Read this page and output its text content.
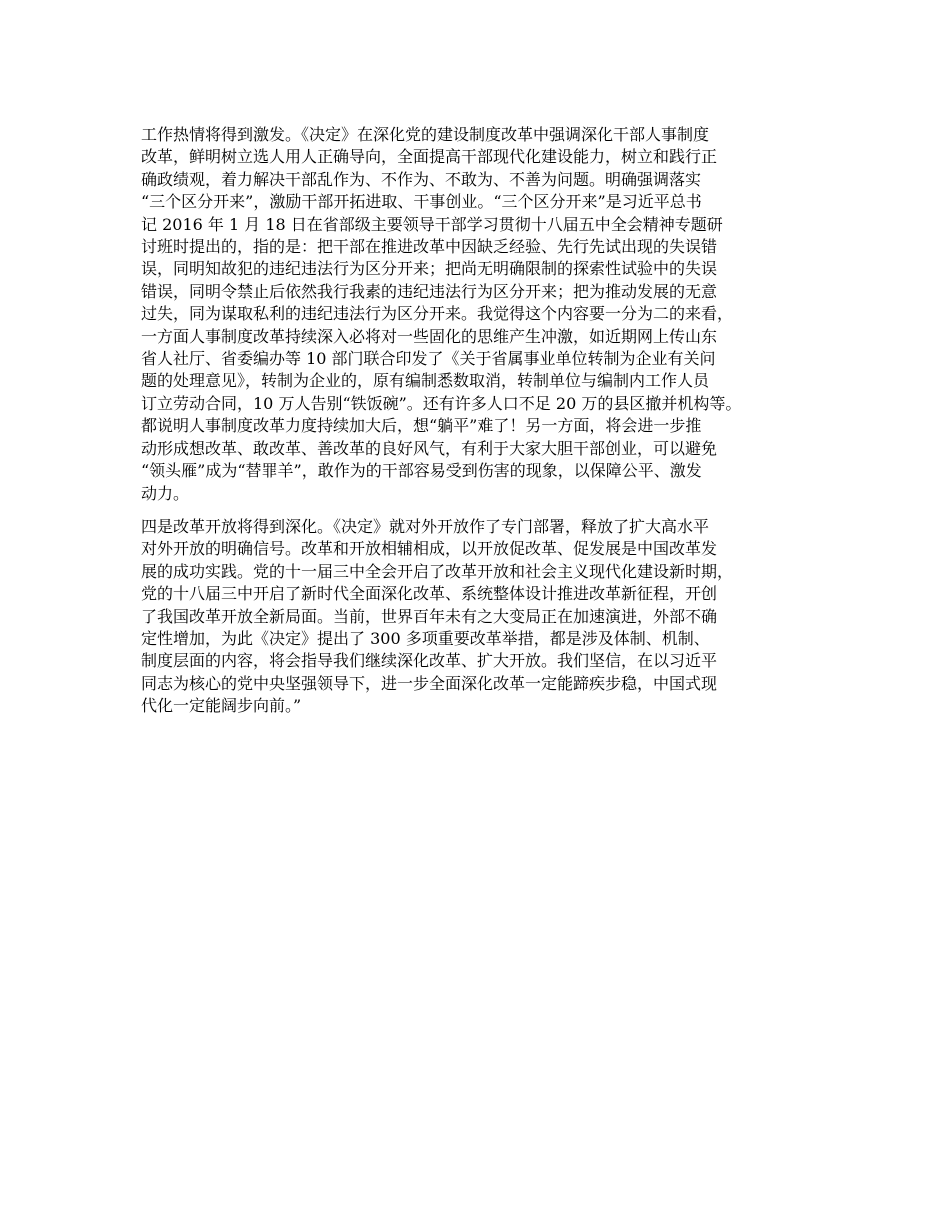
工作热情将得到激发。《决定》在深化党的建设制度改革中强调深化干部人事制度
改革，鲜明树立选人用人正确导向，全面提高干部现代化建设能力，树立和践行正
确政绩观，着力解决干部乱作为、不作为、不敢为、不善为问题。明确强调落实
“三个区分开来”，激励干部开拓进取、干事创业。“三个区分开来”是习近平总书
记 2016 年 1 月 18 日在省部级主要领导干部学习贯彻十八届五中全会精神专题研
讨班时提出的，指的是：把干部在推进改革中因缺乏经验、先行先试出现的失误错
误，同明知故犯的违纪违法行为区分开来；把尚无明确限制的探索性试验中的失误
错误，同明令禁止后依然我行我素的违纪违法行为区分开来；把为推动发展的无意
过失，同为谋取私利的违纪违法行为区分开来。我觉得这个内容要一分为二的来看，
一方面人事制度改革持续深入必将对一些固化的思维产生冲激，如近期网上传山东
省人社厅、省委编办等 10 部门联合印发了《关于省属事业单位转制为企业有关问
题的处理意见》，转制为企业的，原有编制悉数取消，转制单位与编制内工作人员
订立劳动合同，10 万人告别“铁饭碗”。还有许多人口不足 20 万的县区撤并机构等。
都说明人事制度改革力度持续加大后，想“躺平”难了！另一方面，将会进一步推
动形成想改革、敢改革、善改革的良好风气，有利于大家大胆干部创业，可以避免
“领头雁”成为“替罪羊”，敢作为的干部容易受到伤害的现象，以保障公平、激发
动力。

四是改革开放将得到深化。《决定》就对外开放作了专门部署，释放了扩大高水平
对外开放的明确信号。改革和开放相辅相成，以开放促改革、促发展是中国改革发
展的成功实践。党的十一届三中全会开启了改革开放和社会主义现代化建设新时期，
党的十八届三中开启了新时代全面深化改革、系统整体设计推进改革新征程，开创
了我国改革开放全新局面。当前，世界百年未有之大变局正在加速演进，外部不确
定性增加，为此《决定》提出了 300 多项重要改革举措，都是涉及体制、机制、
制度层面的内容，将会指导我们继续深化改革、扩大开放。我们坚信，在以习近平
同志为核心的党中央坚强领导下，进一步全面深化改革一定能蹄疾步稳，中国式现
代化一定能阔步向前。”
